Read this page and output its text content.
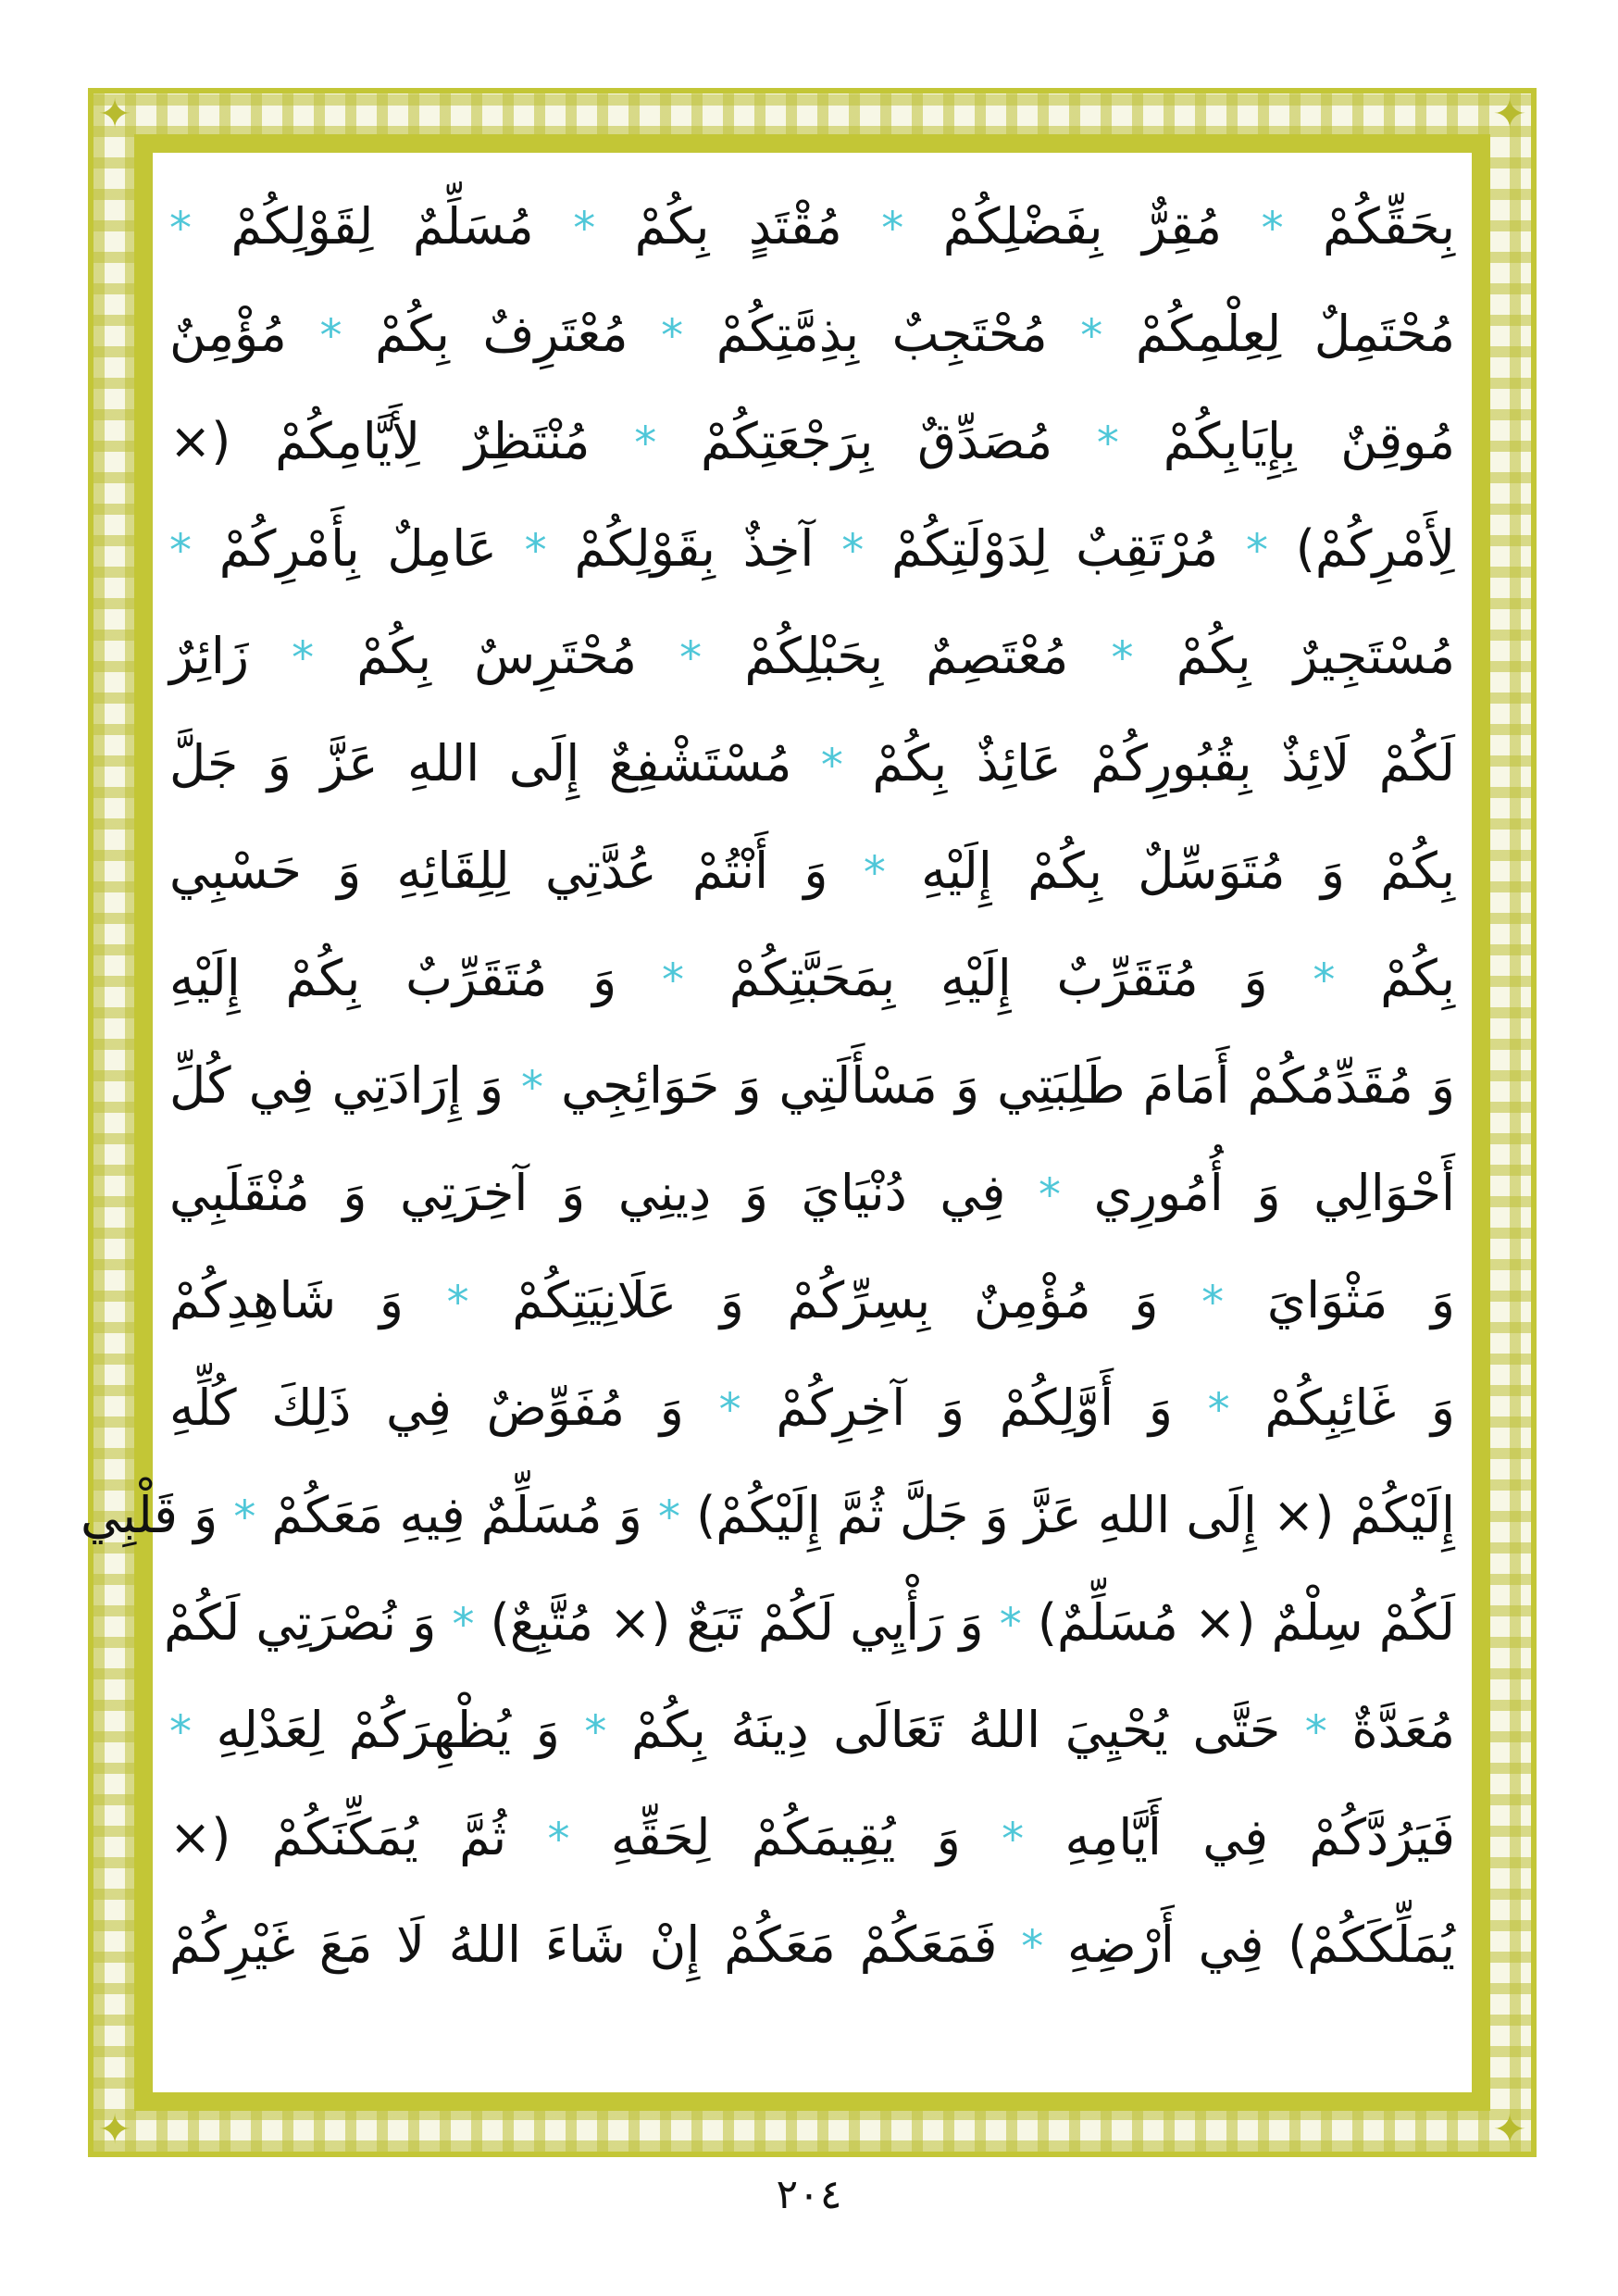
✦	✦
✦	✦
بِحَقِّكُمْ * مُقِرٌّ بِفَضْلِكُمْ * مُقْتَدٍ بِكُمْ * مُسَلِّمٌ لِقَوْلِكُمْ *
مُحْتَمِلٌ لِعِلْمِكُمْ * مُحْتَجِبٌ بِذِمَّتِكُمْ * مُعْتَرِفٌ بِكُمْ * مُؤْمِنٌ
مُوقِنٌ بِإِيَابِكُمْ * مُصَدِّقٌ بِرَجْعَتِكُمْ * مُنْتَظِرٌ لِأَيَّامِكُمْ (×
لِأَمْرِكُمْ) * مُرْتَقِبٌ لِدَوْلَتِكُمْ * آخِذٌ بِقَوْلِكُمْ * عَامِلٌ بِأَمْرِكُمْ *
مُسْتَجِيرٌ بِكُمْ * مُعْتَصِمٌ بِحَبْلِكُمْ * مُحْتَرِسٌ بِكُمْ * زَائِرٌ
لَكُمْ لَائِذٌ بِقُبُورِكُمْ عَائِذٌ بِكُمْ * مُسْتَشْفِعٌ إِلَى اللهِ عَزَّ وَ جَلَّ
بِكُمْ وَ مُتَوَسِّلٌ بِكُمْ إِلَيْهِ * وَ أَنْتُمْ عُدَّتِي لِلِقَائِهِ وَ حَسْبِي
بِكُمْ * وَ مُتَقَرِّبٌ إِلَيْهِ بِمَحَبَّتِكُمْ * وَ مُتَقَرِّبٌ بِكُمْ إِلَيْهِ
وَ مُقَدِّمُكُمْ أَمَامَ طَلِبَتِي وَ مَسْأَلَتِي وَ حَوَائِجِي * وَ إِرَادَتِي فِي كُلِّ
أَحْوَالِي وَ أُمُورِي * فِي دُنْيَايَ وَ دِينِي وَ آخِرَتِي وَ مُنْقَلَبِي
وَ مَثْوَايَ * وَ مُؤْمِنٌ بِسِرِّكُمْ وَ عَلَانِيَتِكُمْ * وَ شَاهِدِكُمْ
وَ غَائِبِكُمْ * وَ أَوَّلِكُمْ وَ آخِرِكُمْ * وَ مُفَوِّضٌ فِي ذَلِكَ كُلِّهِ
إِلَيْكُمْ (× إِلَى اللهِ عَزَّ وَ جَلَّ ثُمَّ إِلَيْكُمْ) * وَ مُسَلِّمٌ فِيهِ مَعَكُمْ * وَ قَلْبِي
لَكُمْ سِلْمٌ (× مُسَلِّمٌ) * وَ رَأْيِي لَكُمْ تَبَعٌ (× مُتَّبِعٌ) * وَ نُصْرَتِي لَكُمْ
مُعَدَّةٌ * حَتَّى يُحْيِيَ اللهُ تَعَالَى دِينَهُ بِكُمْ * وَ يُظْهِرَكُمْ لِعَدْلِهِ *
فَيَرُدَّكُمْ فِي أَيَّامِهِ * وَ يُقِيمَكُمْ لِحَقِّهِ * ثُمَّ يُمَكِّنَكُمْ (×
يُمَلِّكَكُمْ) فِي أَرْضِهِ * فَمَعَكُمْ مَعَكُمْ إِنْ شَاءَ اللهُ لَا مَعَ غَيْرِكُمْ
٢٠٤
